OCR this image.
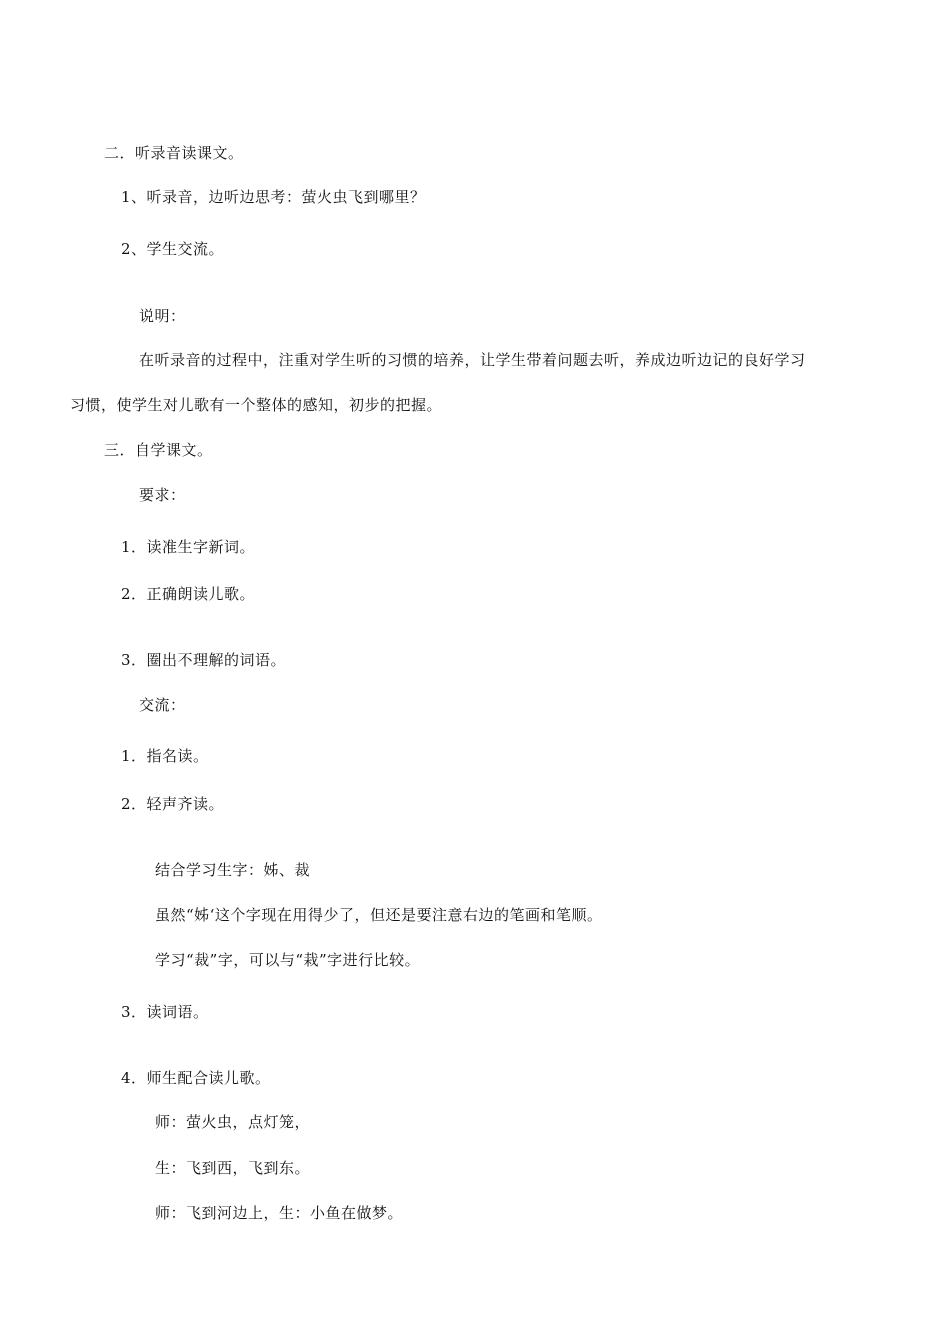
二．听录音读课文。
1、听录音，边听边思考：萤火虫飞到哪里？
2、学生交流。
说明：
在听录音的过程中，注重对学生听的习惯的培养，让学生带着问题去听，养成边听边记的良好学习
习惯，使学生对儿歌有一个整体的感知，初步的把握。
三．自学课文。
要求：
1．读准生字新词。
2．正确朗读儿歌。
3．圈出不理解的词语。
交流：
1．指名读。
2．轻声齐读。
结合学习生字：姊、裁
虽然“姊‘这个字现在用得少了，但还是要注意右边的笔画和笔顺。
学习“裁”字，可以与“栽”字进行比较。
3．读词语。
4．师生配合读儿歌。
师：萤火虫，点灯笼，
生：飞到西，飞到东。
师：飞到河边上，生：小鱼在做梦。
